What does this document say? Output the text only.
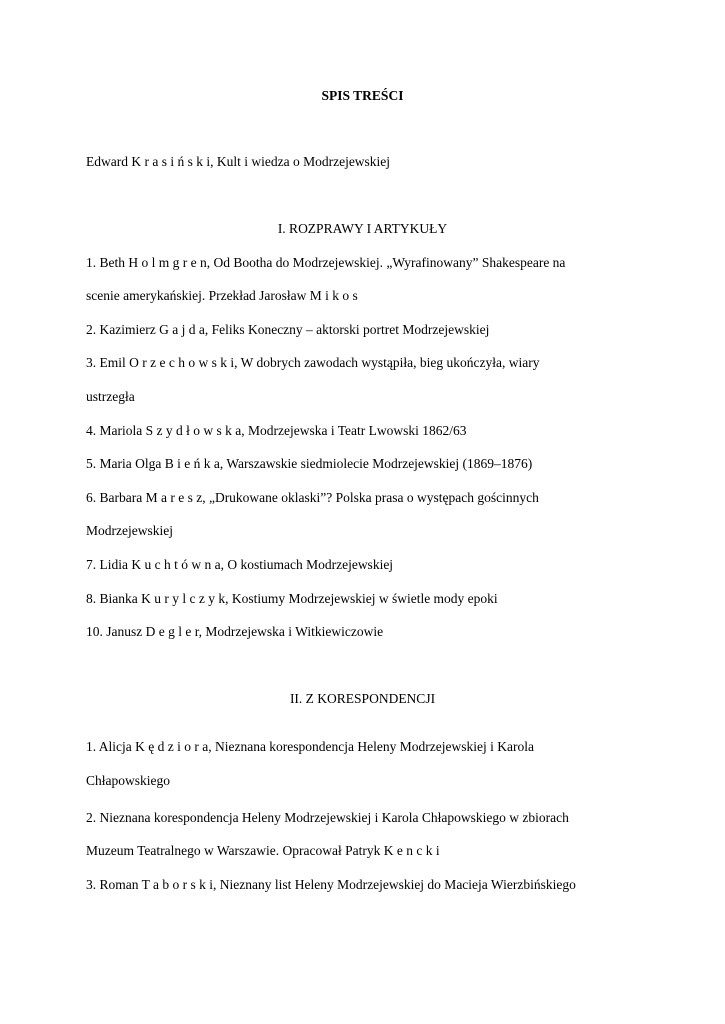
SPIS TREŚCI
Edward K r a s i ń s k i, Kult i wiedza o Modrzejewskiej
I. ROZPRAWY I ARTYKUŁY
1. Beth H o l m g r e n, Od Bootha do Modrzejewskiej. „Wyrafinowany” Shakespeare na
scenie amerykańskiej. Przekład Jarosław M i k o s
2. Kazimierz G a j d a, Feliks Koneczny – aktorski portret Modrzejewskiej
3. Emil O r z e c h o w s k i, W dobrych zawodach wystąpiła, bieg ukończyła, wiary
ustrzegła
4. Mariola S z y d ł o w s k a, Modrzejewska i Teatr Lwowski 1862/63
5. Maria Olga B i e ń k a, Warszawskie siedmiolecie Modrzejewskiej (1869–1876)
6. Barbara M a r e s z, „Drukowane oklaski”? Polska prasa o występach gościnnych
Modrzejewskiej
7. Lidia K u c h t ó w n a, O kostiumach Modrzejewskiej
8. Bianka K u r y l c z y k, Kostiumy Modrzejewskiej w świetle mody epoki
10. Janusz D e g l e r, Modrzejewska i Witkiewiczowie
II. Z KORESPONDENCJI
1. Alicja K ę d z i o r a, Nieznana korespondencja Heleny Modrzejewskiej i Karola
Chłapowskiego
2. Nieznana korespondencja Heleny Modrzejewskiej i Karola Chłapowskiego w zbiorach
Muzeum Teatralnego w Warszawie. Opracował Patryk K e n c k i
3. Roman T a b o r s k i, Nieznany list Heleny Modrzejewskiej do Macieja Wierzbińskiego
